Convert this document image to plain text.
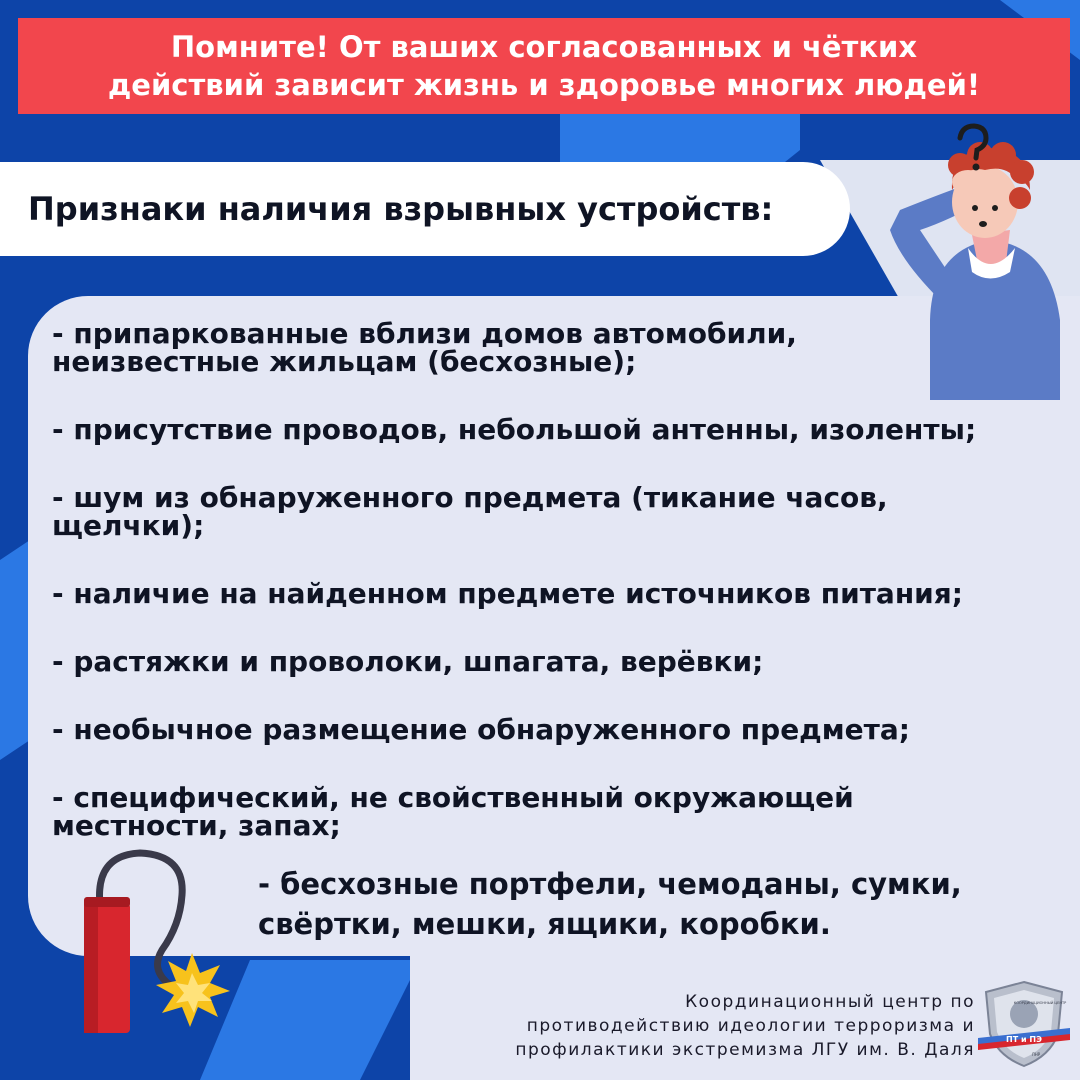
Помните! От ваших согласованных и чётких
действий зависит жизнь и здоровье многих людей!
Признаки наличия взрывных устройств:
- припаркованные вблизи домов автомобили,
неизвестные жильцам (бесхозные);
- присутствие проводов, небольшой антенны, изоленты;
- шум из обнаруженного предмета (тикание часов,
щелчки);
- наличие на найденном предмете источников питания;
- растяжки и проволоки, шпагата, верёвки;
- необычное размещение обнаруженного предмета;
- специфический, не свойственный окружающей
местности, запах;
- бесхозные портфели, чемоданы, сумки,
свёртки, мешки, ящики, коробки.
Координационный центр по
противодействию идеологии терроризма и
профилактики экстремизма ЛГУ им. В. Даля
ПТ и ПЭ
КООРДИНАЦИОННЫЙ ЦЕНТР
ЛНР
